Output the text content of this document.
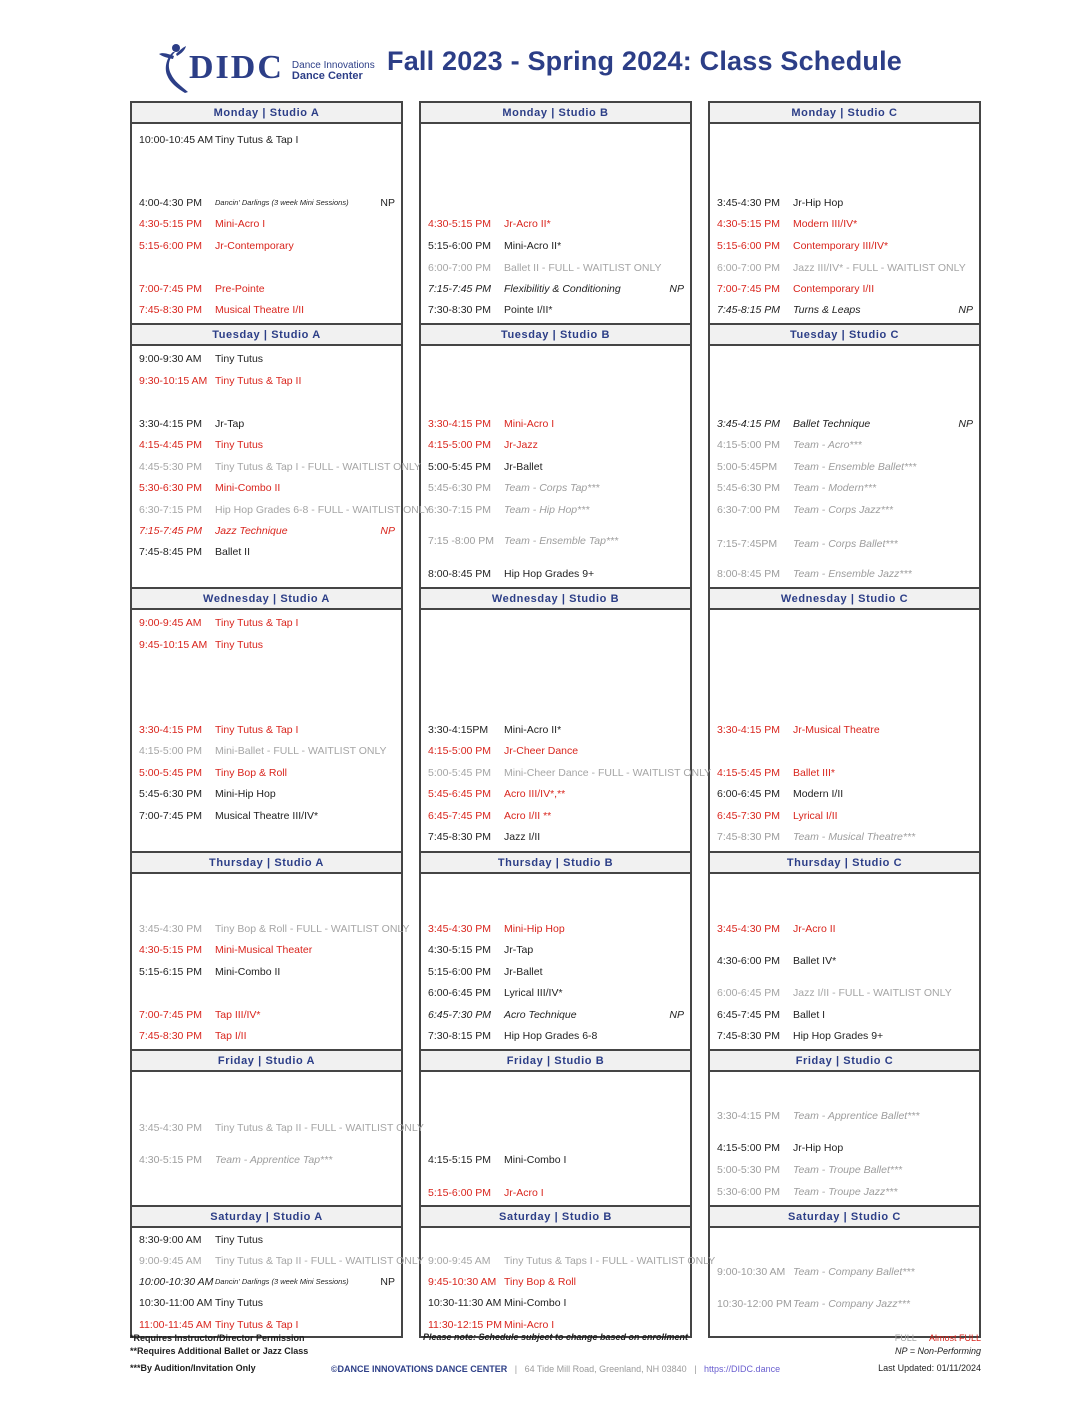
DIDC Dance Innovations
Dance Center Fall 2023 - Spring 2024: Class Schedule
Monday | Studio A
10:00-10:45 AM Tiny Tutus & Tap I
4:00-4:30 PM Dancin' Darlings (3 week Mini Sessions)	NP
4:30-5:15 PM Mini-Acro I
5:15-6:00 PM Jr-Contemporary
7:00-7:45 PM Pre-Pointe
7:45-8:30 PM Musical Theatre I/II
Tuesday | Studio A
9:00-9:30 AM Tiny Tutus
9:30-10:15 AM Tiny Tutus & Tap II
3:30-4:15 PM Jr-Tap
4:15-4:45 PM Tiny Tutus
4:45-5:30 PM Tiny Tutus & Tap I - FULL - WAITLIST ONLY
5:30-6:30 PM Mini-Combo II
6:30-7:15 PM Hip Hop Grades 6-8 - FULL - WAITLIST ONLY
7:15-7:45 PM Jazz Technique	NP
7:45-8:45 PM Ballet II
Wednesday | Studio A
9:00-9:45 AM Tiny Tutus & Tap I
9:45-10:15 AM Tiny Tutus
3:30-4:15 PM Tiny Tutus & Tap I
4:15-5:00 PM Mini-Ballet - FULL - WAITLIST ONLY
5:00-5:45 PM Tiny Bop & Roll
5:45-6:30 PM Mini-Hip Hop
7:00-7:45 PM Musical Theatre III/IV*
Thursday | Studio A
3:45-4:30 PM Tiny Bop & Roll - FULL - WAITLIST ONLY
4:30-5:15 PM Mini-Musical Theater
5:15-6:15 PM Mini-Combo II
7:00-7:45 PM Tap III/IV*
7:45-8:30 PM Tap I/II
Friday | Studio A
3:45-4:30 PM Tiny Tutus & Tap II - FULL - WAITLIST ONLY
4:30-5:15 PM Team - Apprentice Tap***
Saturday | Studio A
8:30-9:00 AM Tiny Tutus
9:00-9:45 AM Tiny Tutus & Tap II - FULL - WAITLIST ONLY
10:00-10:30 AM Dancin' Darlings (3 week Mini Sessions)	NP
10:30-11:00 AM Tiny Tutus
11:00-11:45 AM Tiny Tutus & Tap I
Monday | Studio B
4:30-5:15 PM Jr-Acro II*
5:15-6:00 PM Mini-Acro II*
6:00-7:00 PM Ballet II - FULL - WAITLIST ONLY
7:15-7:45 PM Flexibilitiy & Conditioning	NP
7:30-8:30 PM Pointe I/II*
Tuesday | Studio B
3:30-4:15 PM Mini-Acro I
4:15-5:00 PM Jr-Jazz
5:00-5:45 PM Jr-Ballet
5:45-6:30 PM Team - Corps Tap***
6:30-7:15 PM Team - Hip Hop***
7:15 -8:00 PM Team - Ensemble Tap***
8:00-8:45 PM Hip Hop Grades 9+
Wednesday | Studio B
3:30-4:15PM Mini-Acro II*
4:15-5:00 PM Jr-Cheer Dance
5:00-5:45 PM Mini-Cheer Dance - FULL - WAITLIST ONLY
5:45-6:45 PM Acro III/IV*,**
6:45-7:45 PM Acro I/II **
7:45-8:30 PM Jazz I/II
Thursday | Studio B
3:45-4:30 PM Mini-Hip Hop
4:30-5:15 PM Jr-Tap
5:15-6:00 PM Jr-Ballet
6:00-6:45 PM Lyrical III/IV*
6:45-7:30 PM Acro Technique	NP
7:30-8:15 PM Hip Hop Grades 6-8
Friday | Studio B
4:15-5:15 PM Mini-Combo I
5:15-6:00 PM Jr-Acro I
Saturday | Studio B
9:00-9:45 AM Tiny Tutus & Taps I - FULL - WAITLIST ONLY
9:45-10:30 AM Tiny Bop & Roll
10:30-11:30 AM Mini-Combo I
11:30-12:15 PM Mini-Acro I
Monday | Studio C
3:45-4:30 PM Jr-Hip Hop
4:30-5:15 PM Modern III/IV*
5:15-6:00 PM Contemporary III/IV*
6:00-7:00 PM Jazz III/IV* - FULL - WAITLIST ONLY
7:00-7:45 PM Contemporary I/II
7:45-8:15 PM Turns & Leaps	NP
Tuesday | Studio C
3:45-4:15 PM Ballet Technique	NP
4:15-5:00 PM Team - Acro***
5:00-5:45PM Team - Ensemble Ballet***
5:45-6:30 PM Team - Modern***
6:30-7:00 PM Team - Corps Jazz***
7:15-7:45PM Team - Corps Ballet***
8:00-8:45 PM Team - Ensemble Jazz***
Wednesday | Studio C
3:30-4:15 PM Jr-Musical Theatre
4:15-5:45 PM Ballet III*
6:00-6:45 PM Modern I/II
6:45-7:30 PM Lyrical I/II
7:45-8:30 PM Team - Musical Theatre***
Thursday | Studio C
3:45-4:30 PM Jr-Acro II
4:30-6:00 PM Ballet IV*
6:00-6:45 PM Jazz I/II - FULL - WAITLIST ONLY
6:45-7:45 PM Ballet I
7:45-8:30 PM Hip Hop Grades 9+
Friday | Studio C
3:30-4:15 PM Team - Apprentice Ballet***
4:15-5:00 PM Jr-Hip Hop
5:00-5:30 PM Team - Troupe Ballet***
5:30-6:00 PM Team - Troupe Jazz***
Saturday | Studio C
9:00-10:30 AM Team - Company Ballet***
10:30-12:00 PM Team - Company Jazz***
*Requires Instructor/Director Permission
**Requires Additional Ballet or Jazz Class
***By Audition/Invitation Only
Please note: Schedule subject to change based on enrollment
©DANCE INNOVATIONS DANCE CENTER   |   64 Tide Mill Road, Greenland, NH 03840   |   https://DIDC.dance
FULL Almost FULL
NP = Non-Performing
Last Updated: 01/11/2024
